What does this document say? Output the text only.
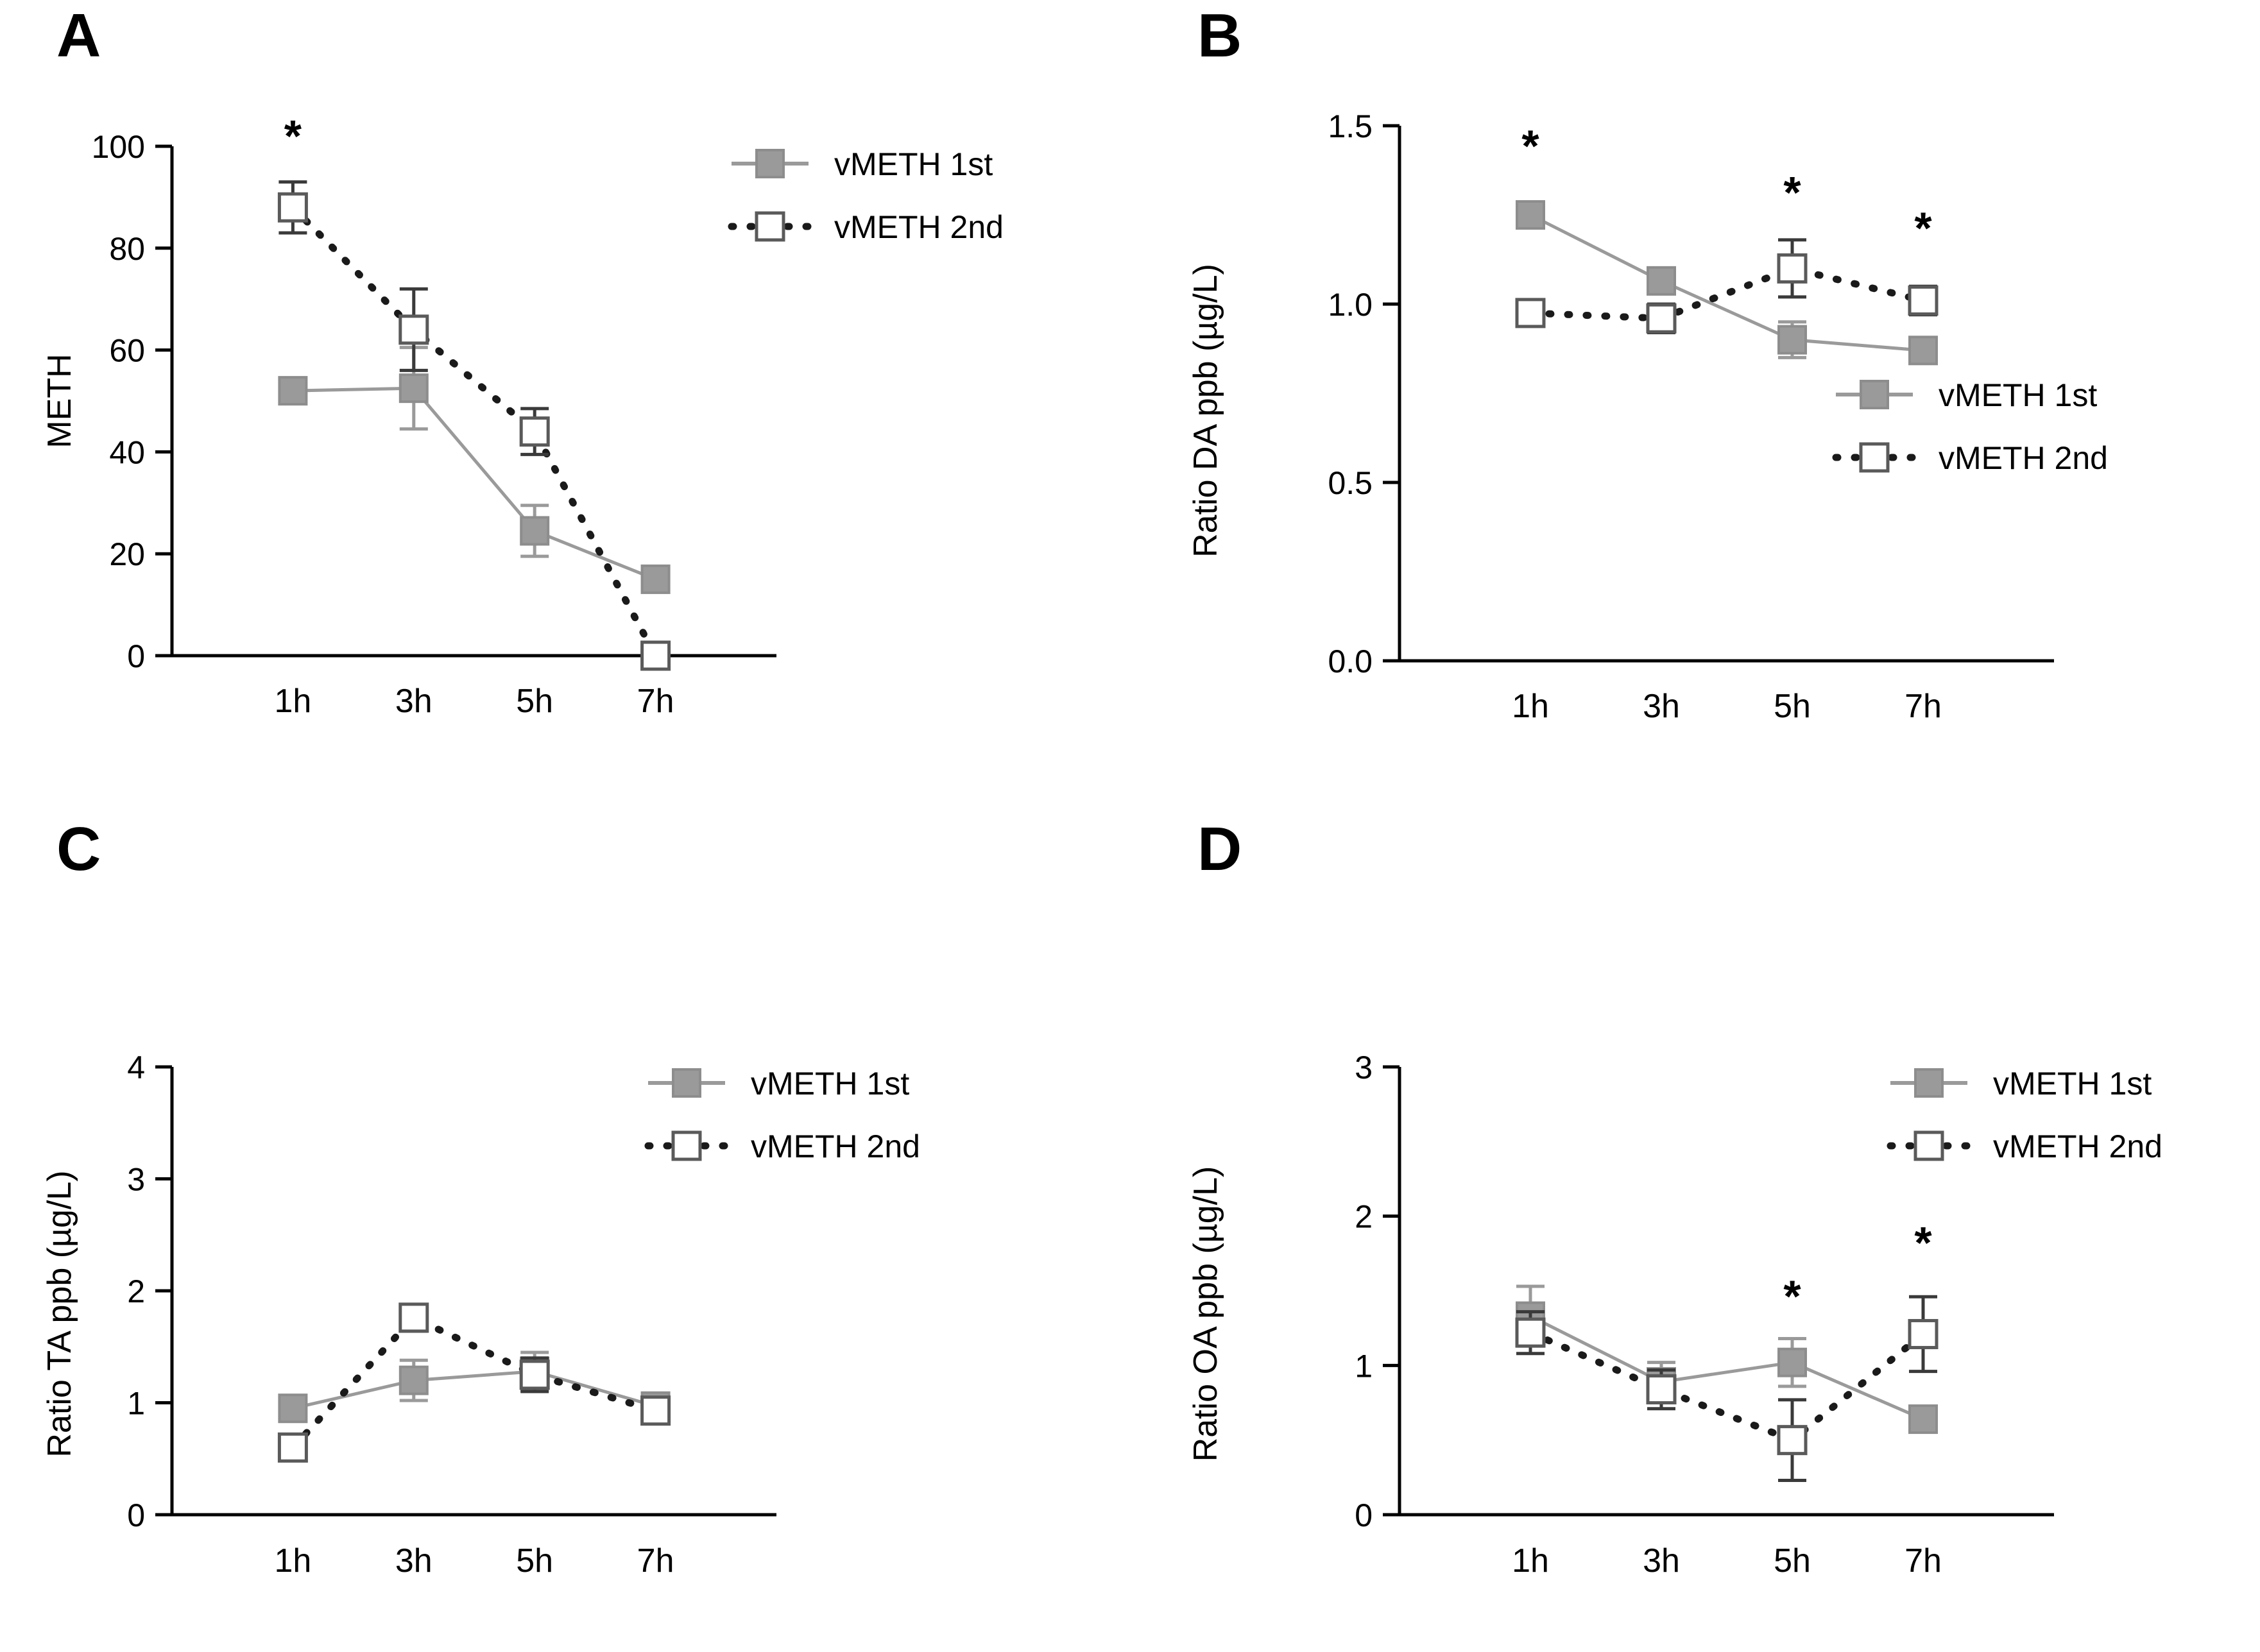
A
0
20
40
60
80
100
METH
1h	3h	5h	7h
*
vMETH 1st
vMETH 2nd
B
0.0
0.5
1.0
1.5
Ratio DA ppb (µg/L)
1h	3h	5h	7h
*
*
*
vMETH 1st
vMETH 2nd
C
0
1
2
3
4
Ratio TA ppb (µg/L)
1h	3h	5h	7h
vMETH 1st
vMETH 2nd
D
0
1
2
3
Ratio OA ppb (µg/L)
1h	3h	5h	7h
*
*
vMETH 1st
vMETH 2nd
